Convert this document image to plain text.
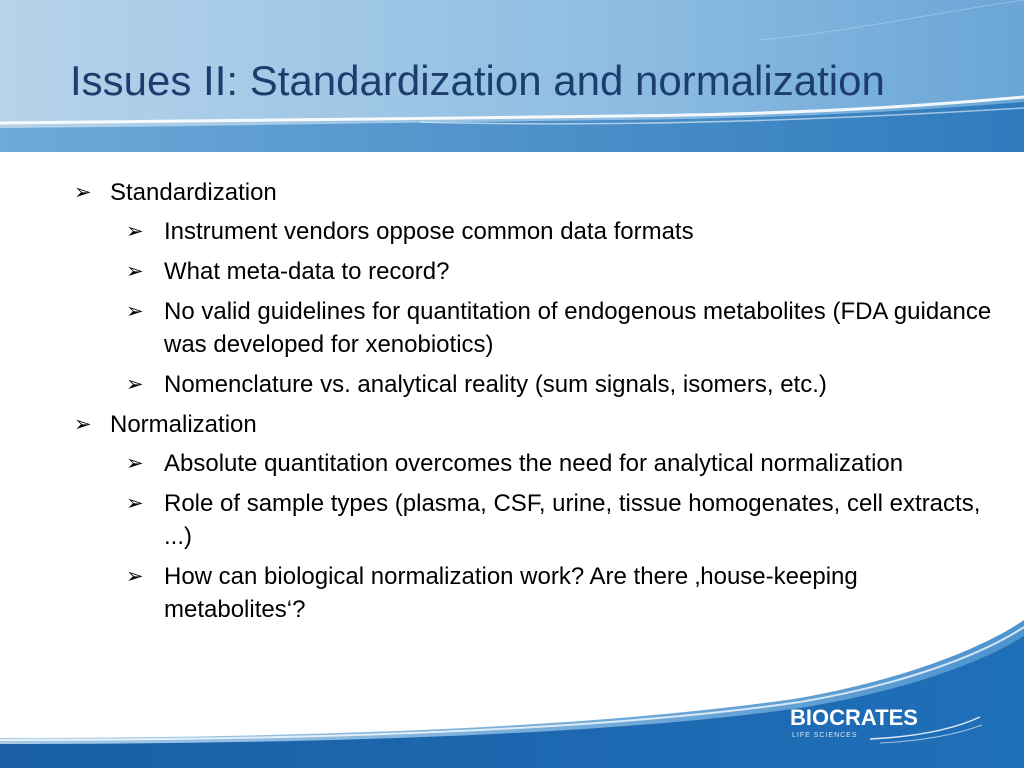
Issues II: Standardization and normalization
➢ Standardization
➢ Instrument vendors oppose common data formats
➢ What meta-data to record?
➢ No valid guidelines for quantitation of endogenous metabolites (FDA guidance was developed for xenobiotics)
➢ Nomenclature vs. analytical reality (sum signals, isomers, etc.)
➢ Normalization
➢ Absolute quantitation overcomes the need for analytical normalization
➢ Role of sample types (plasma, CSF, urine, tissue homogenates, cell extracts, ...)
➢ How can biological normalization work? Are there ‚house-keeping metabolites‘?
BIOCRATES
LIFE SCIENCES
